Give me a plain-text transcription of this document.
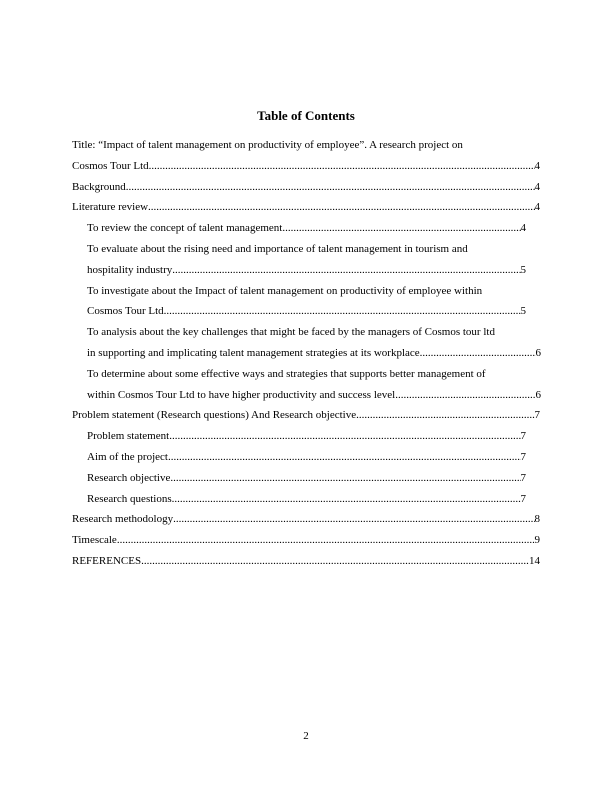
Table of Contents
Title: “Impact of talent management on productivity of employee”. A research project on
Cosmos Tour Ltd .....	4
Background .....	4
Literature review .....	4
To review the concept of talent management .....	4
To evaluate about the rising need and importance of talent management in tourism and
hospitality industry .....	5
To investigate about the Impact of talent management on productivity of employee within
Cosmos Tour Ltd .....	5
To analysis about the key challenges that might be faced by the managers of Cosmos tour ltd
in supporting and implicating talent management strategies at its workplace .....	6
To determine about some effective ways and strategies that supports better management of
within Cosmos Tour Ltd to have higher productivity and success level .....	6
Problem statement (Research questions) And Research objective .....	7
Problem statement .....	7
Aim of the project .....	7
Research objective .....	7
Research questions .....	7
Research methodology .....	8
Timescale .....	9
REFERENCES .....	14
2
